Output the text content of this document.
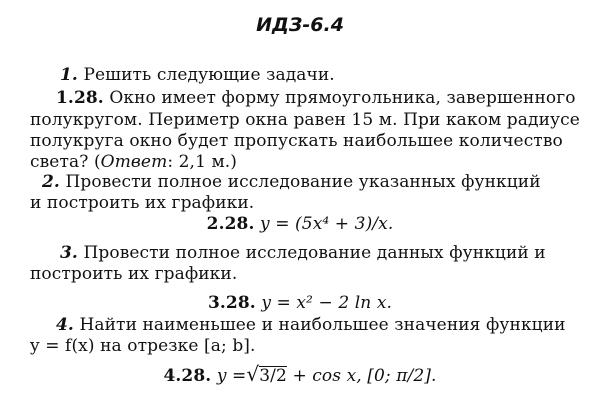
ИДЗ-6.4
1. Решить следующие задачи.
1.28. Окно имеет форму прямоугольника, завершенного
полукругом. Периметр окна равен 15 м. При каком радиусе
полукруга окно будет пропускать наибольшее количество
света? (Ответ: 2,1 м.)
2. Провести полное исследование указанных функций
и построить их графики.
2.28. y = (5x⁴ + 3)/x.
3. Провести полное исследование данных функций и
построить их графики.
3.28. y = x² − 2 ln x.
4. Найти наименьшее и наибольшее значения функции
y = f(x) на отрезке [a; b].
4.28. y =√3/2 + cos x, [0; π/2].
